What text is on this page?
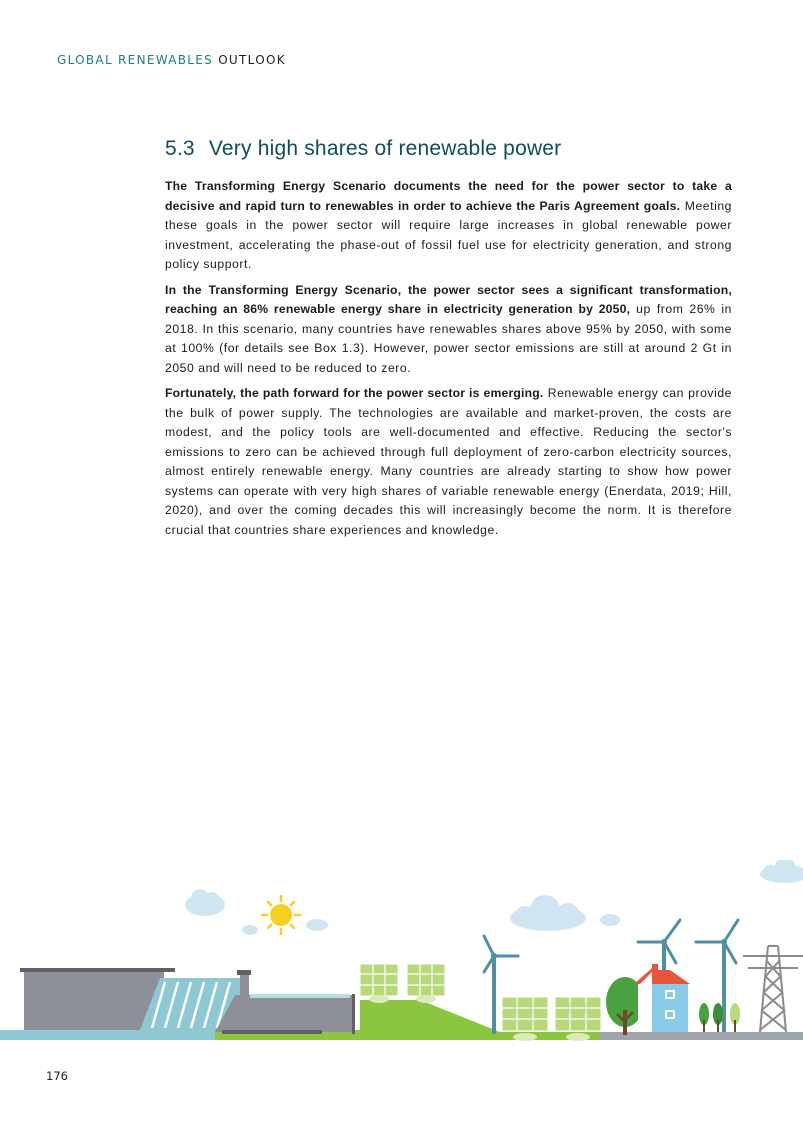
GLOBAL RENEWABLES OUTLOOK
5.3 Very high shares of renewable power

The Transforming Energy Scenario documents the need for the power sector to take a decisive and rapid turn to renewables in order to achieve the Paris Agreement goals. Meeting these goals in the power sector will require large increases in global renewable power investment, accelerating the phase-out of fossil fuel use for electricity generation, and strong policy support.

In the Transforming Energy Scenario, the power sector sees a significant transformation, reaching an 86% renewable energy share in electricity generation by 2050, up from 26% in 2018. In this scenario, many countries have renewables shares above 95% by 2050, with some at 100% (for details see Box 1.3). However, power sector emissions are still at around 2 Gt in 2050 and will need to be reduced to zero.

Fortunately, the path forward for the power sector is emerging. Renewable energy can provide the bulk of power supply. The technologies are available and market-proven, the costs are modest, and the policy tools are well-documented and effective. Reducing the sector's emissions to zero can be achieved through full deployment of zero-carbon electricity sources, almost entirely renewable energy. Many countries are already starting to show how power systems can operate with very high shares of variable renewable energy (Enerdata, 2019; Hill, 2020), and over the coming decades this will increasingly become the norm. It is therefore crucial that countries share experiences and knowledge.

176
